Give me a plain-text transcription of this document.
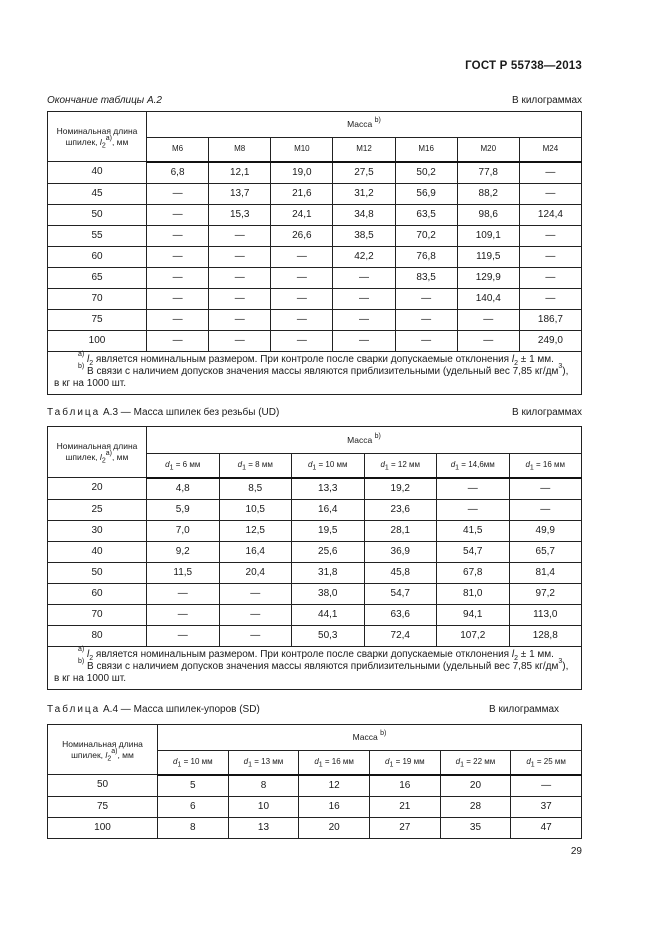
ГОСТ Р 55738—2013
Окончание таблицы А.2	В килограммах
Номинальная длина шпилек, $l_2^{a)}$, мм	Масса $^{b)}$
	M6	M8	M10	M12	M16	M20	M24
40	6,8	12,1	19,0	27,5	50,2	77,8	—
45	—	13,7	21,6	31,2	56,9	88,2	—
50	—	15,3	24,1	34,8	63,5	98,6	124,4
55	—	—	26,6	38,5	70,2	109,1	—
60	—	—	—	42,2	76,8	119,5	—
65	—	—	—	—	83,5	129,9	—
70	—	—	—	—	—	140,4	—
75	—	—	—	—	—	—	186,7
100	—	—	—	—	—	—	249,0

$^{a)}$ $l_2$ является номинальным размером. При контроле после сварки допускаемые отклонения $l_2 \pm 1$ мм.
$^{b)}$ В связи с наличием допусков значения массы являются приблизительными (удельный вес 7,85 $кг/дм^3$),
в кг на 1000 шт.							
Таблица А.3 — Масса шпилек без резьбы (UD)	В килограммах
Номинальная длина шпилек, $l_2^{a)}$, мм	Масса $^{b)}$
	$d_1 = 6$ мм	$d_1 = 8$ мм	$d_1 = 10$ мм	$d_1 = 12$ мм	$d_1 = 14,6мм$	$d_1 = 16$ мм
20	4,8	8,5	13,3	19,2	—	—
25	5,9	10,5	16,4	23,6	—	—
30	7,0	12,5	19,5	28,1	41,5	49,9
40	9,2	16,4	25,6	36,9	54,7	65,7
50	11,5	20,4	31,8	45,8	67,8	81,4
60	—	—	38,0	54,7	81,0	97,2
70	—	—	44,1	63,6	94,1	113,0
80	—	—	50,3	72,4	107,2	128,8

$^{a)}$ $l_2$ является номинальным размером. При контроле после сварки допускаемые отклонения $l_2 \pm 1$ мм.
$^{b)}$ В связи с наличием допусков значения массы являются приблизительными (удельный вес 7,85 $кг/дм^3$),
в кг на 1000 шт.						
Таблица А.4 — Масса шпилек-упоров (SD)	В килограммах
Номинальная длина шпилек, $l_2^{a)}$, мм	Масса $^{b)}$
	$d_1 = 10$ мм	$d_1 = 13$ мм	$d_1 = 16$ мм	$d_1 = 19$ мм	$d_1 = 22$ мм	$d_1 = 25$ мм
50	5	8	12	16	20	—
75	6	10	16	21	28	37
100	8	13	20	27	35	47
29
